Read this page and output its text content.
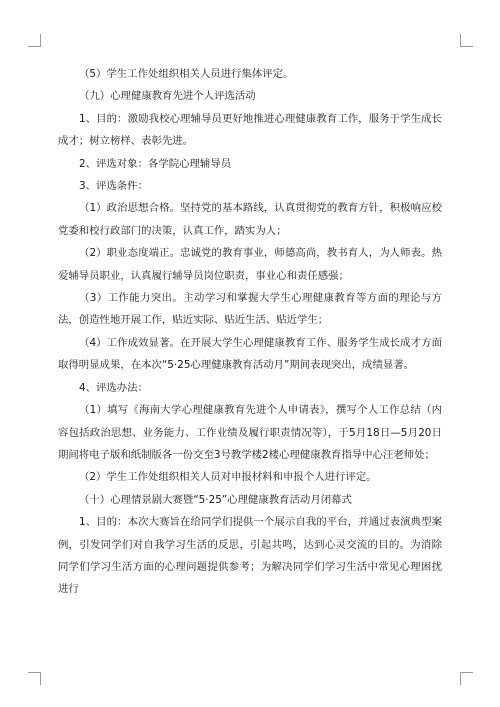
（5）学生工作处组织相关人员进行集体评定。

（九）心理健康教育先进个人评选活动

1、目的：激励我校心理辅导员更好地推进心理健康教育工作，服务于学生成长成才；树立榜样、表彰先进。

2、评选对象：各学院心理辅导员

3、评选条件：

（1）政治思想合格。坚持党的基本路线，认真贯彻党的教育方针，积极响应校党委和校行政部门的决策，认真工作，踏实为人；

（2）职业态度端正。忠诚党的教育事业，师德高尚，教书育人，为人师表。热爱辅导员职业，认真履行辅导员岗位职责，事业心和责任感强；

（3）工作能力突出。主动学习和掌握大学生心理健康教育等方面的理论与方法，创造性地开展工作，贴近实际、贴近生活、贴近学生；

（4）工作成效显著。在开展大学生心理健康教育工作、服务学生成长成才方面取得明显成果，在本次“5·25心理健康教育活动月”期间表现突出，成绩显著。

4、评选办法：

（1）填写《海南大学心理健康教育先进个人申请表》，撰写个人工作总结（内容包括政治思想、业务能力、工作业绩及履行职责情况等），于5月18日—5月20日期间将电子版和纸制版各一份交至3号教学楼2楼心理健康教育指导中心汪老师处；

（2）学生工作处组织相关人员对申报材料和申报个人进行评定。

（十）心理情景剧大赛暨“5·25”心理健康教育活动月闭幕式

1、目的：本次大赛旨在给同学们提供一个展示自我的平台，并通过表演典型案例，引发同学们对自我学习生活的反思，引起共鸣，达到心灵交流的目的。为消除同学们学习生活方面的心理问题提供参考；为解决同学们学习生活中常见心理困扰进行
